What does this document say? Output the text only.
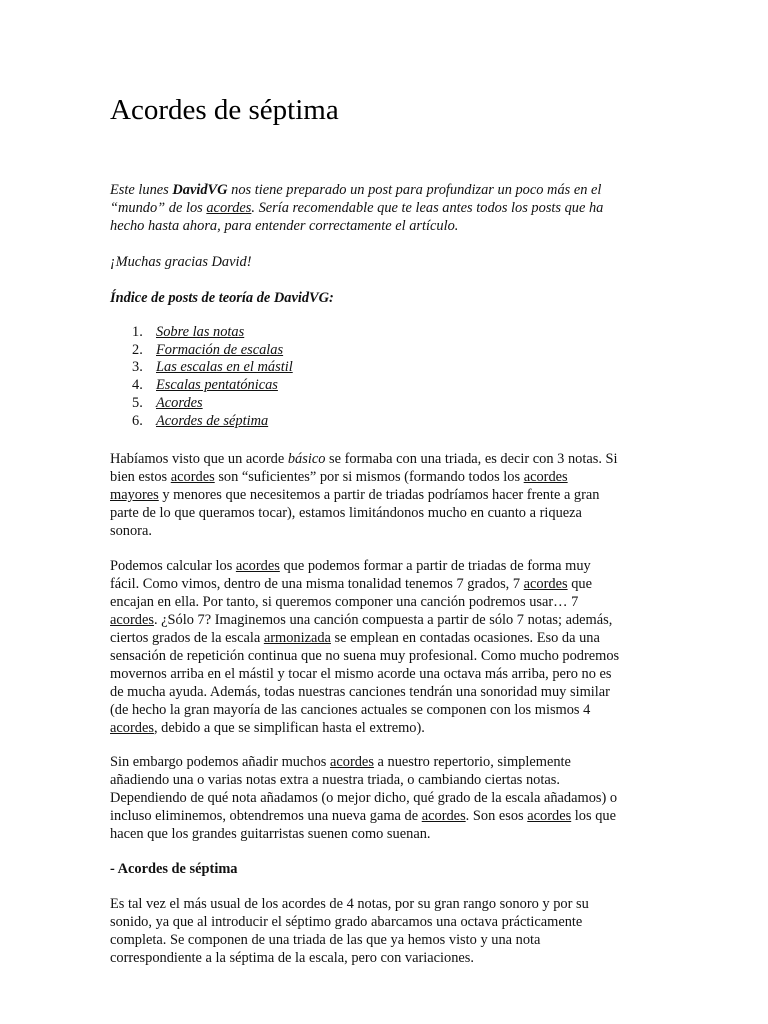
Acordes de séptima

Este lunes DavidVG nos tiene preparado un post para profundizar un poco más en el
“mundo” de los acordes. Sería recomendable que te leas antes todos los posts que ha
hecho hasta ahora, para entender correctamente el artículo.

¡Muchas gracias David!

Índice de posts de teoría de DavidVG:

1. Sobre las notas
2. Formación de escalas
3. Las escalas en el mástil
4. Escalas pentatónicas
5. Acordes
6. Acordes de séptima

Habíamos visto que un acorde básico se formaba con una triada, es decir con 3 notas. Si
bien estos acordes son “suficientes” por si mismos (formando todos los acordes
mayores y menores que necesitemos a partir de triadas podríamos hacer frente a gran
parte de lo que queramos tocar), estamos limitándonos mucho en cuanto a riqueza
sonora.

Podemos calcular los acordes que podemos formar a partir de triadas de forma muy
fácil. Como vimos, dentro de una misma tonalidad tenemos 7 grados, 7 acordes que
encajan en ella. Por tanto, si queremos componer una canción podremos usar… 7
acordes. ¿Sólo 7? Imaginemos una canción compuesta a partir de sólo 7 notas; además,
ciertos grados de la escala armonizada se emplean en contadas ocasiones. Eso da una
sensación de repetición continua que no suena muy profesional. Como mucho podremos
movernos arriba en el mástil y tocar el mismo acorde una octava más arriba, pero no es
de mucha ayuda. Además, todas nuestras canciones tendrán una sonoridad muy similar
(de hecho la gran mayoría de las canciones actuales se componen con los mismos 4
acordes, debido a que se simplifican hasta el extremo).

Sin embargo podemos añadir muchos acordes a nuestro repertorio, simplemente
añadiendo una o varias notas extra a nuestra triada, o cambiando ciertas notas.
Dependiendo de qué nota añadamos (o mejor dicho, qué grado de la escala añadamos) o
incluso eliminemos, obtendremos una nueva gama de acordes. Son esos acordes los que
hacen que los grandes guitarristas suenen como suenan.

- Acordes de séptima

Es tal vez el más usual de los acordes de 4 notas, por su gran rango sonoro y por su
sonido, ya que al introducir el séptimo grado abarcamos una octava prácticamente
completa. Se componen de una triada de las que ya hemos visto y una nota
correspondiente a la séptima de la escala, pero con variaciones.
